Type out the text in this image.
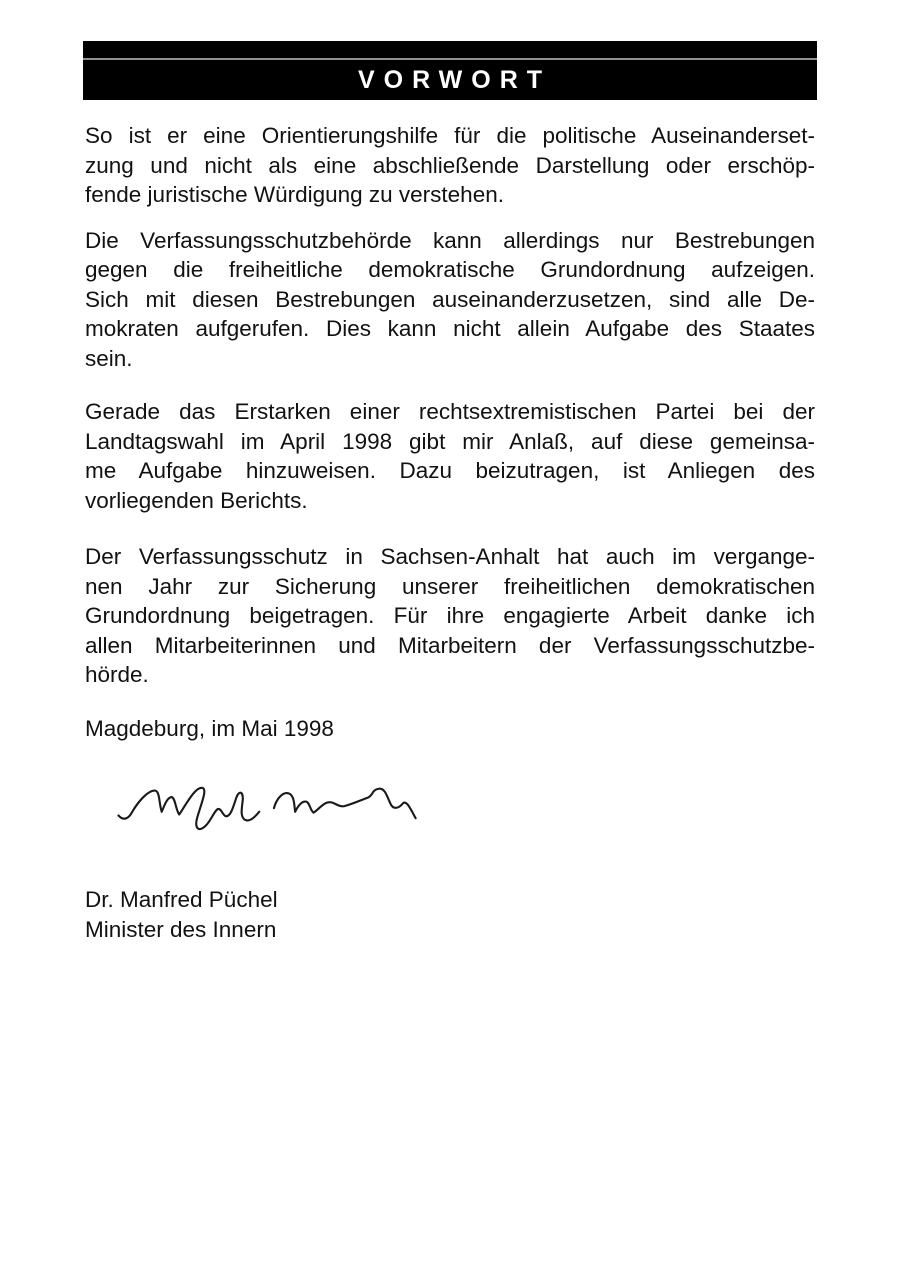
VORWORT

So ist er eine Orientierungshilfe für die politische Auseinanderset-
zung und nicht als eine abschließende Darstellung oder erschöp-
fende juristische Würdigung zu verstehen.

Die Verfassungsschutzbehörde kann allerdings nur Bestrebungen
gegen die freiheitliche demokratische Grundordnung aufzeigen.
Sich mit diesen Bestrebungen auseinanderzusetzen, sind alle De-
mokraten aufgerufen. Dies kann nicht allein Aufgabe des Staates
sein.

Gerade das Erstarken einer rechtsextremistischen Partei bei der
Landtagswahl im April 1998 gibt mir Anlaß, auf diese gemeinsa-
me Aufgabe hinzuweisen. Dazu beizutragen, ist Anliegen des
vorliegenden Berichts.

Der Verfassungsschutz in Sachsen-Anhalt hat auch im vergange-
nen Jahr zur Sicherung unserer freiheitlichen demokratischen
Grundordnung beigetragen. Für ihre engagierte Arbeit danke ich
allen Mitarbeiterinnen und Mitarbeitern der Verfassungsschutzbe-
hörde.

Magdeburg, im Mai 1998

Dr. Manfred Püchel
Minister des Innern
